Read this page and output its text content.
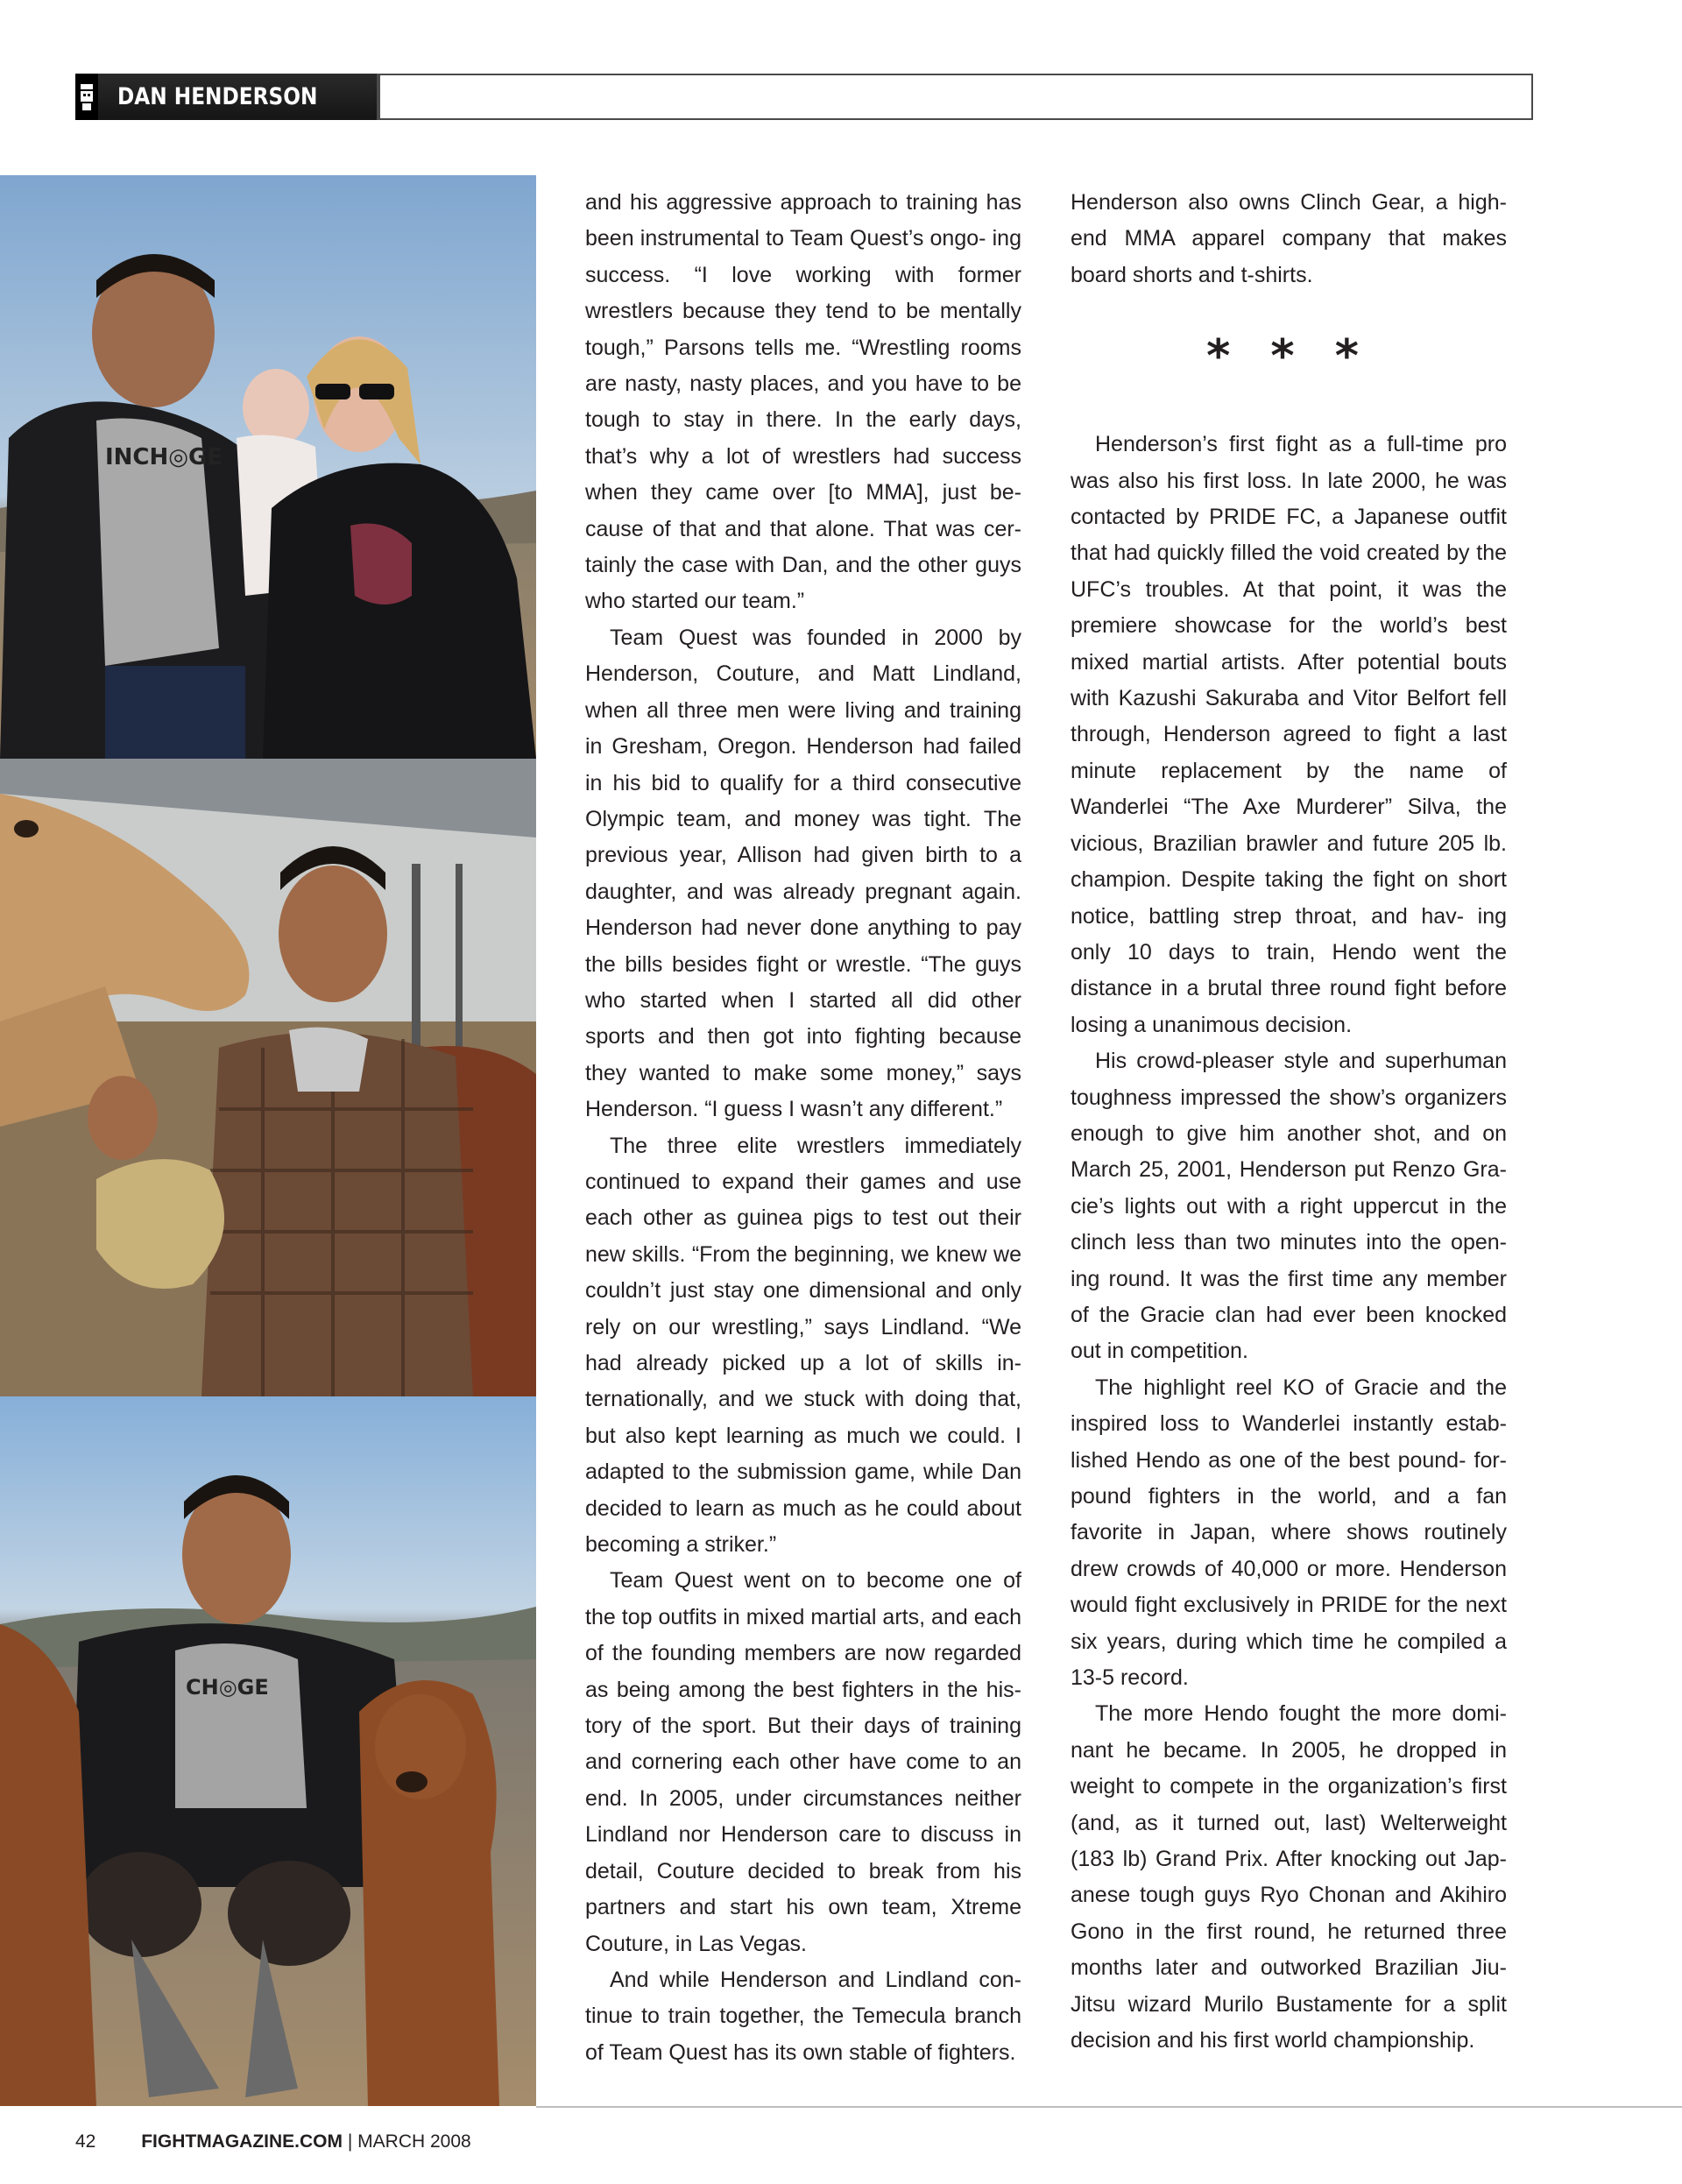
DAN HENDERSON
INCH◎GE
CH◎GE

and his aggressive approach to training has been instrumental to Team Quest’s ongo- ing success. “I love working with former wrestlers because they tend to be mentally tough,” Parsons tells me. “Wrestling rooms are nasty, nasty places, and you have to be tough to stay in there. In the early days, that’s why a lot of wrestlers had success when they came over [to MMA], just be- cause of that and that alone. That was cer- tainly the case with Dan, and the other guys who started our team.”

Team Quest was founded in 2000 by Henderson, Couture, and Matt Lindland, when all three men were living and training in Gresham, Oregon. Henderson had failed in his bid to qualify for a third consecutive Olympic team, and money was tight. The previous year, Allison had given birth to a daughter, and was already pregnant again. Henderson had never done anything to pay the bills besides fight or wrestle. “The guys who started when I started all did other sports and then got into fighting because they wanted to make some money,” says Henderson. “I guess I wasn’t any different.”

The three elite wrestlers immediately continued to expand their games and use each other as guinea pigs to test out their new skills. “From the beginning, we knew we couldn’t just stay one dimensional and only rely on our wrestling,” says Lindland. “We had already picked up a lot of skills in- ternationally, and we stuck with doing that, but also kept learning as much we could. I adapted to the submission game, while Dan decided to learn as much as he could about becoming a striker.”

Team Quest went on to become one of the top outfits in mixed martial arts, and each of the founding members are now regarded as being among the best fighters in the his- tory of the sport. But their days of training and cornering each other have come to an end. In 2005, under circumstances neither Lindland nor Henderson care to discuss in detail, Couture decided to break from his partners and start his own team, Xtreme Couture, in Las Vegas.

And while Henderson and Lindland con- tinue to train together, the Temecula branch of Team Quest has its own stable of fighters.

Henderson also owns Clinch Gear, a high- end MMA apparel company that makes board shorts and t-shirts.

* * *

Henderson’s first fight as a full-time pro was also his first loss. In late 2000, he was contacted by PRIDE FC, a Japanese outfit that had quickly filled the void created by the UFC’s troubles. At that point, it was the premiere showcase for the world’s best mixed martial artists. After potential bouts with Kazushi Sakuraba and Vitor Belfort fell through, Henderson agreed to fight a last minute replacement by the name of Wanderlei “The Axe Murderer” Silva, the vicious, Brazilian brawler and future 205 lb. champion. Despite taking the fight on short notice, battling strep throat, and hav- ing only 10 days to train, Hendo went the distance in a brutal three round fight before losing a unanimous decision.

His crowd-pleaser style and superhuman toughness impressed the show’s organizers enough to give him another shot, and on March 25, 2001, Henderson put Renzo Gra- cie’s lights out with a right uppercut in the clinch less than two minutes into the open- ing round. It was the first time any member of the Gracie clan had ever been knocked out in competition.

The highlight reel KO of Gracie and the inspired loss to Wanderlei instantly estab- lished Hendo as one of the best pound- for-pound fighters in the world, and a fan favorite in Japan, where shows routinely drew crowds of 40,000 or more. Henderson would fight exclusively in PRIDE for the next six years, during which time he compiled a 13-5 record.

The more Hendo fought the more domi- nant he became. In 2005, he dropped in weight to compete in the organization’s first (and, as it turned out, last) Welterweight (183 lb) Grand Prix. After knocking out Jap- anese tough guys Ryo Chonan and Akihiro Gono in the first round, he returned three months later and outworked Brazilian Jiu- Jitsu wizard Murilo Bustamente for a split decision and his first world championship.

42 FIGHTMAGAZINE.COM | MARCH 2008
